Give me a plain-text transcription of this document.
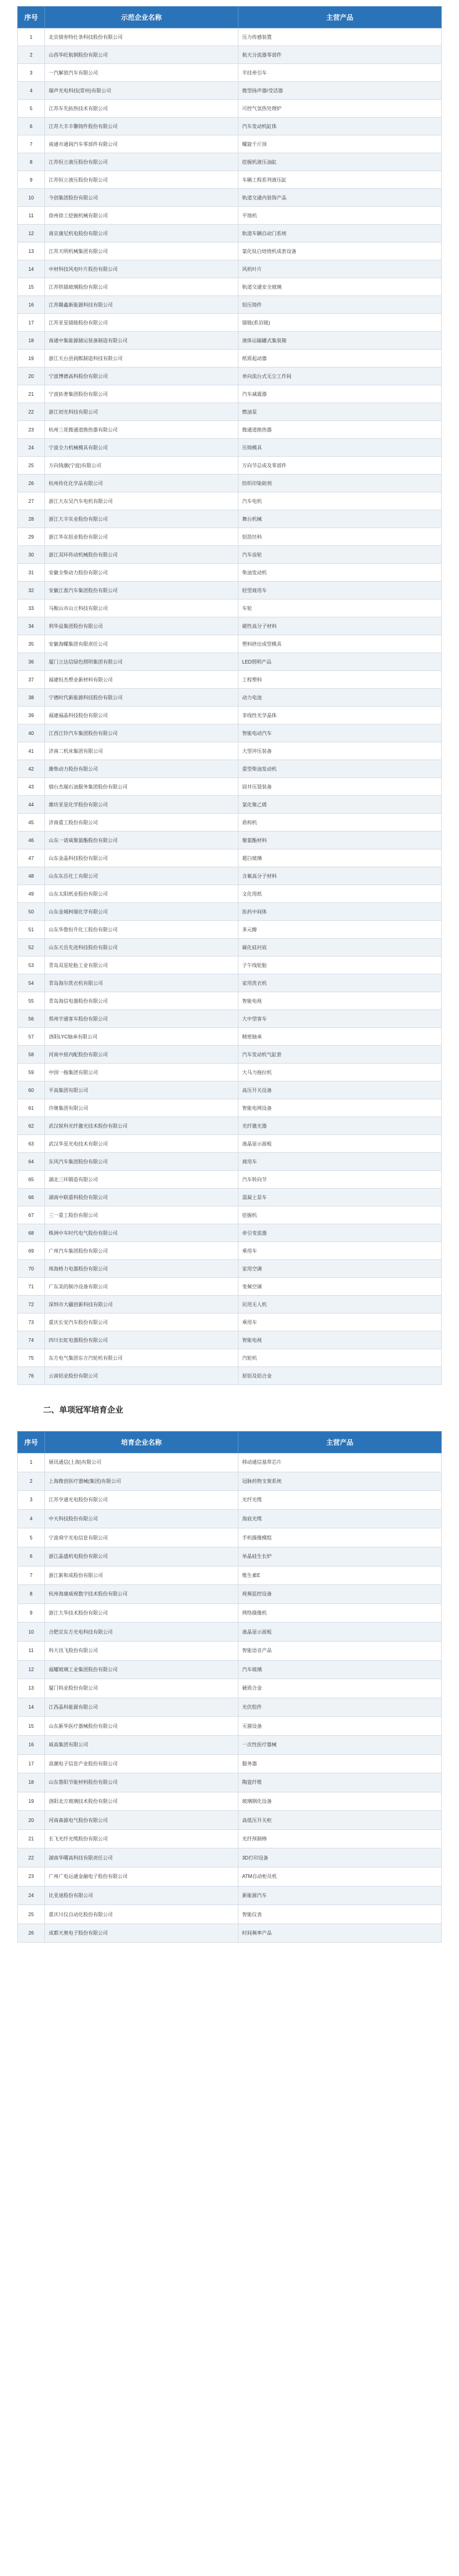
序号	示范企业名称	主营产品
1	北京债券特仕条科技股份有限公司	压力传感装置
2	山西华旺航钢股份有限公司	航天分流器零部件
3	一汽解放汽车有限公司	半挂牵引车
4	瑞声光电科技(常州)有限公司	微型扬声器/受话器
5	江苏车先拓热技术有限公司	可控气氛热处理炉
6	江苏大丰丰馨铸件股份有限公司	汽车发动机缸体
7	南通市通润汽车零部件有限公司	螺旋千斤顶
8	江苏恒立液压股份有限公司	挖掘机液压油缸
9	江苏恒立液压股份有限公司	车辆工程系列液压缸
10	今创集团股份有限公司	轨道交通内装饰产品
11	徐州徐工挖掘机械有限公司	平地机
12	南京康尼机电股份有限公司	轨道车辆自动门系统
13	江苏天明机械集团有限公司	氯化钛白焙烧机成套设备
14	中材科技风电叶片股份有限公司	风机叶片
15	江苏铁锚玻璃股份有限公司	轨道交通安全玻璃
16	江苏赣鑫新能源科技有限公司	铝压铸件
17	江苏亚星锚链股份有限公司	锚链(系泊链)
18	南通中集能源储运装备制造有限公司	液体运输罐式集装箱
19	浙江天台县润熙制造科技有限公司	纸质起动器
20	宁波博德高科股份有限公司	单向流台式无尘工作间
21	宁波拓普集团股份有限公司	汽车减震器
22	浙江初光科技有限公司	燃油泵
23	杭州三花微通道换热器有限公司	微通道换热器
24	宁波全力机械模具有限公司	压铸模具
25	万向钱潮(宁波)有限公司	万向节总成及零部件
26	杭州传化化学品有限公司	纺织印染助剂
27	浙江大东吴汽车电机有限公司	汽车电机
28	浙江大丰实业股份有限公司	舞台机械
29	浙江华东铝业股份有限公司	铝箔坯料
30	浙江双环传动机械股份有限公司	汽车齿轮
31	安徽全柴动力股份有限公司	柴油发动机
32	安徽江淮汽车集团股份有限公司	轻型商用车
33	马鞍山市山立科技有限公司	车轮
34	利华益集团股份有限公司	磁性高分子材料
35	安徽海螺集团有限责任公司	塑料挤出成型模具
36	厦门立达信绿色照明集团有限公司	LED照明产品
37	福建恒杰塑业新材料有限公司	工程塑料
38	宁德时代新能源科技股份有限公司	动力电池
39	福建福晶科技股份有限公司	非线性光学晶体
40	江西江铃汽车集团股份有限公司	智能电动汽车
41	济南二机床集团有限公司	大型冲压装备
42	潍柴动力股份有限公司	重型柴油发动机
43	烟台杰瑞石油服务集团股份有限公司	固井压裂装备
44	潍坊亚星化学股份有限公司	氯化聚乙烯
45	济南重工股份有限公司	盾构机
46	山东一诺威聚氨酯股份有限公司	聚氨酯材料
47	山东金晶科技股份有限公司	超白玻璃
48	山东东岳化工有限公司	含氟高分子材料
49	山东太阳纸业股份有限公司	文化用纸
50	山东金城柯瑞化学有限公司	医药中间体
51	山东华鲁恒升化工股份有限公司	多元醇
52	山东天岳先进科技股份有限公司	碳化硅衬底
53	青岛双星轮胎工业有限公司	子午线轮胎
54	青岛海尔洗衣机有限公司	家用洗衣机
55	青岛海信电器股份有限公司	智能电视
56	郑州宇通客车股份有限公司	大中型客车
57	洛阳LYC轴承有限公司	精密轴承
58	河南中原内配股份有限公司	汽车发动机气缸套
59	中国一拖集团有限公司	大马力拖拉机
60	平高集团有限公司	高压开关设备
61	许继集团有限公司	智能电网设备
62	武汉锐科光纤激光技术股份有限公司	光纤激光器
63	武汉华星光电技术有限公司	液晶显示面板
64	东风汽车集团股份有限公司	商用车
65	湖北三环锻造有限公司	汽车转向节
66	湖南中联重科股份有限公司	混凝土泵车
67	三一重工股份有限公司	挖掘机
68	株洲中车时代电气股份有限公司	牵引变流器
69	广州汽车集团股份有限公司	乘用车
70	珠海格力电器股份有限公司	家用空调
71	广东美的制冷设备有限公司	变频空调
72	深圳市大疆创新科技有限公司	民用无人机
73	重庆长安汽车股份有限公司	乘用车
74	四川长虹电器股份有限公司	智能电视
75	东方电气集团东方汽轮机有限公司	汽轮机
76	云南铝业股份有限公司	原铝及铝合金
二、单项冠军培育企业
序号	培育企业名称	主营产品
1	展讯通信(上海)有限公司	移动通信基带芯片
2	上海微创医疗器械(集团)有限公司	冠脉药物支架系统
3	江苏亨通光电股份有限公司	光纤光缆
4	中天科技股份有限公司	海底光缆
5	宁波舜宇光电信息有限公司	手机摄像模组
6	浙江晶盛机电股份有限公司	单晶硅生长炉
7	浙江新和成股份有限公司	维生素E
8	杭州海康威视数字技术股份有限公司	视频监控设备
9	浙江大华技术股份有限公司	网络摄像机
10	合肥京东方光电科技有限公司	液晶显示面板
11	科大讯飞股份有限公司	智能语音产品
12	福耀玻璃工业集团股份有限公司	汽车玻璃
13	厦门钨业股份有限公司	硬质合金
14	江西晶科能源有限公司	光伏组件
15	山东新华医疗器械股份有限公司	灭菌设备
16	威高集团有限公司	一次性医疗器械
17	浪潮电子信息产业股份有限公司	服务器
18	山东鲁阳节能材料股份有限公司	陶瓷纤维
19	洛阳北方玻璃技术股份有限公司	玻璃钢化设备
20	河南森源电气股份有限公司	高低压开关柜
21	长飞光纤光缆股份有限公司	光纤预制棒
22	湖南华曙高科技有限责任公司	3D打印设备
23	广州广电运通金融电子股份有限公司	ATM自动柜员机
24	比亚迪股份有限公司	新能源汽车
25	重庆川仪自动化股份有限公司	智能仪表
26	成都天奥电子股份有限公司	时间频率产品
